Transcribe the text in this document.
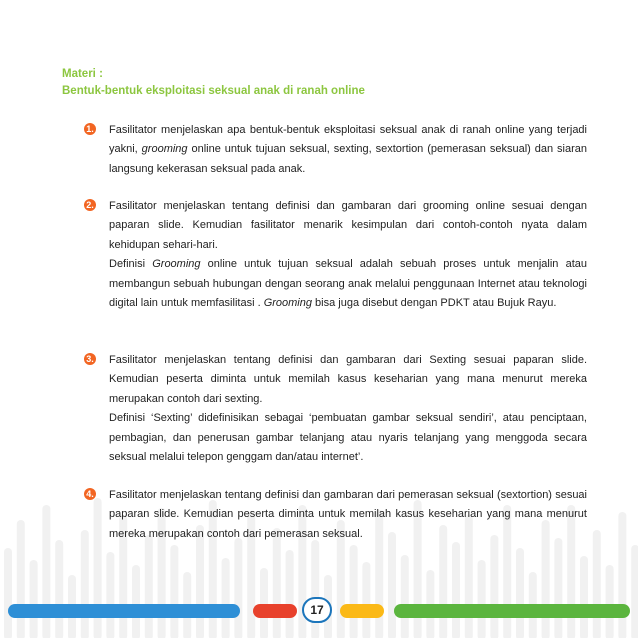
Materi :
Bentuk-bentuk eksploitasi seksual anak di ranah online
1. Fasilitator menjelaskan apa bentuk-bentuk eksploitasi seksual anak di ranah online yang terjadi yakni, grooming online untuk tujuan seksual, sexting, sextortion (pemerasan seksual) dan siaran langsung kekerasan seksual pada anak.

2. Fasilitator menjelaskan tentang definisi dan gambaran dari grooming online sesuai dengan paparan slide. Kemudian fasilitator menarik kesimpulan dari contoh-contoh nyata dalam kehidupan sehari-hari.

Definisi Grooming online untuk tujuan seksual adalah sebuah proses untuk menjalin atau membangun sebuah hubungan dengan seorang anak melalui penggunaan Internet atau teknologi digital lain untuk memfasilitasi . Grooming bisa juga disebut dengan PDKT atau Bujuk Rayu.

3. Fasilitator menjelaskan tentang definisi dan gambaran dari Sexting sesuai paparan slide. Kemudian peserta diminta untuk memilah kasus keseharian yang mana menurut mereka merupakan contoh dari sexting.

Definisi ‘Sexting’ didefinisikan sebagai ‘pembuatan gambar seksual sendiri’, atau penciptaan, pembagian, dan penerusan gambar telanjang atau nyaris telanjang yang menggoda secara seksual melalui telepon genggam dan/atau internet’.

4. Fasilitator menjelaskan tentang definisi dan gambaran dari pemerasan seksual (sextortion) sesuai paparan slide. Kemudian peserta diminta untuk memilah kasus keseharian yang mana menurut mereka merupakan contoh dari pemerasan seksual.

17
